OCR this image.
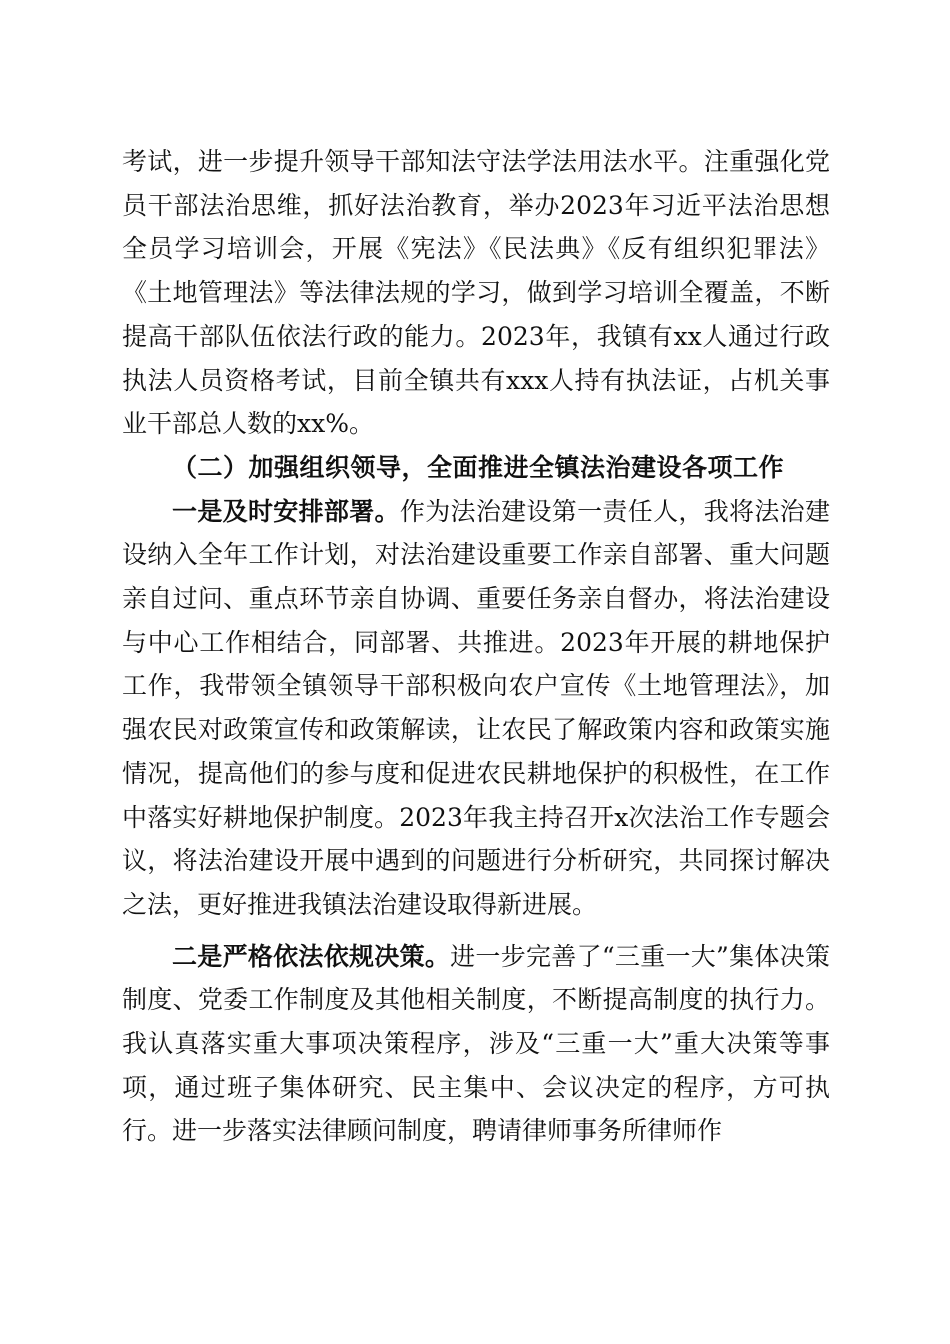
考试，进一步提升领导干部知法守法学法用法水平。注重强化党员干部法治思维，抓好法治教育，举办2023年习近平法治思想全员学习培训会，开展《宪法》《民法典》《反有组织犯罪法》《土地管理法》等法律法规的学习，做到学习培训全覆盖，不断提高干部队伍依法行政的能力。2023年，我镇有xx人通过行政执法人员资格考试，目前全镇共有xxx人持有执法证，占机关事业干部总人数的xx%。

（二）加强组织领导，全面推进全镇法治建设各项工作

一是及时安排部署。作为法治建设第一责任人，我将法治建设纳入全年工作计划，对法治建设重要工作亲自部署、重大问题亲自过问、重点环节亲自协调、重要任务亲自督办，将法治建设与中心工作相结合，同部署、共推进。2023年开展的耕地保护工作，我带领全镇领导干部积极向农户宣传《土地管理法》，加强农民对政策宣传和政策解读，让农民了解政策内容和政策实施情况，提高他们的参与度和促进农民耕地保护的积极性，在工作中落实好耕地保护制度。2023年我主持召开x次法治工作专题会议，将法治建设开展中遇到的问题进行分析研究，共同探讨解决之法，更好推进我镇法治建设取得新进展。

二是严格依法依规决策。进一步完善了“三重一大”集体决策制度、党委工作制度及其他相关制度，不断提高制度的执行力。我认真落实重大事项决策程序，涉及“三重一大”重大决策等事项，通过班子集体研究、民主集中、会议决定的程序，方可执行。进一步落实法律顾问制度，聘请律师事务所律师作
